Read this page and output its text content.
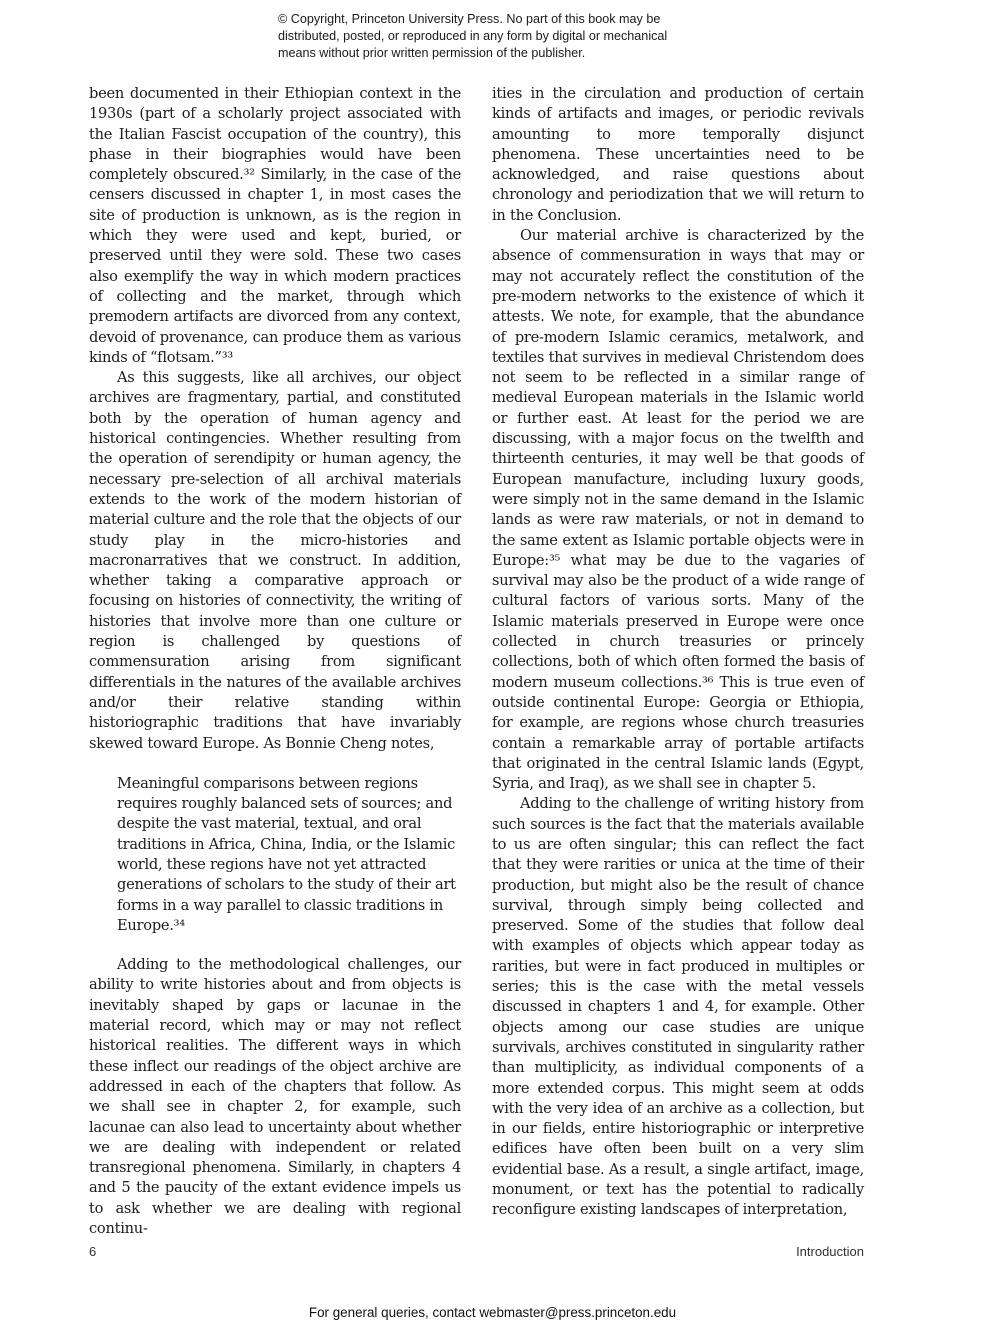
© Copyright, Princeton University Press. No part of this book may be
distributed, posted, or reproduced in any form by digital or mechanical
means without prior written permission of the publisher.

been documented in their Ethiopian context in the 1930s (part of a scholarly project associated with the Italian Fascist occupation of the country), this phase in their biographies would have been completely obscured.³² Similarly, in the case of the censers discussed in chapter 1, in most cases the site of production is unknown, as is the region in which they were used and kept, buried, or preserved until they were sold. These two cases also exemplify the way in which modern practices of collecting and the market, through which premodern artifacts are divorced from any context, devoid of provenance, can produce them as various kinds of “flotsam.”³³

As this suggests, like all archives, our object archives are fragmentary, partial, and constituted both by the operation of human agency and historical contingencies. Whether resulting from the operation of serendipity or human agency, the necessary pre-selection of all archival materials extends to the work of the modern historian of material culture and the role that the objects of our study play in the micro-histories and macronarratives that we construct. In addition, whether taking a comparative approach or focusing on histories of connectivity, the writing of histories that involve more than one culture or region is challenged by questions of commensuration arising from significant differentials in the natures of the available archives and/or their relative standing within historiographic traditions that have invariably skewed toward Europe. As Bonnie Cheng notes,

Meaningful comparisons between regions requires roughly balanced sets of sources; and despite the vast material, textual, and oral traditions in Africa, China, India, or the Islamic world, these regions have not yet attracted generations of scholars to the study of their art forms in a way parallel to classic traditions in Europe.³⁴

Adding to the methodological challenges, our ability to write histories about and from objects is inevitably shaped by gaps or lacunae in the material record, which may or may not reflect historical realities. The different ways in which these inflect our readings of the object archive are addressed in each of the chapters that follow. As we shall see in chapter 2, for example, such lacunae can also lead to uncertainty about whether we are dealing with independent or related transregional phenomena. Similarly, in chapters 4 and 5 the paucity of the extant evidence impels us to ask whether we are dealing with regional continu-

ities in the circulation and production of certain kinds of artifacts and images, or periodic revivals amounting to more temporally disjunct phenomena. These uncertainties need to be acknowledged, and raise questions about chronology and periodization that we will return to in the Conclusion.

Our material archive is characterized by the absence of commensuration in ways that may or may not accurately reflect the constitution of the pre-modern networks to the existence of which it attests. We note, for example, that the abundance of pre-modern Islamic ceramics, metalwork, and textiles that survives in medieval Christendom does not seem to be reflected in a similar range of medieval European materials in the Islamic world or further east. At least for the period we are discussing, with a major focus on the twelfth and thirteenth centuries, it may well be that goods of European manufacture, including luxury goods, were simply not in the same demand in the Islamic lands as were raw materials, or not in demand to the same extent as Islamic portable objects were in Europe:³⁵ what may be due to the vagaries of survival may also be the product of a wide range of cultural factors of various sorts. Many of the Islamic materials preserved in Europe were once collected in church treasuries or princely collections, both of which often formed the basis of modern museum collections.³⁶ This is true even of outside continental Europe: Georgia or Ethiopia, for example, are regions whose church treasuries contain a remarkable array of portable artifacts that originated in the central Islamic lands (Egypt, Syria, and Iraq), as we shall see in chapter 5.

Adding to the challenge of writing history from such sources is the fact that the materials available to us are often singular; this can reflect the fact that they were rarities or unica at the time of their production, but might also be the result of chance survival, through simply being collected and preserved. Some of the studies that follow deal with examples of objects which appear today as rarities, but were in fact produced in multiples or series; this is the case with the metal vessels discussed in chapters 1 and 4, for example. Other objects among our case studies are unique survivals, archives constituted in singularity rather than multiplicity, as individual components of a more extended corpus. This might seem at odds with the very idea of an archive as a collection, but in our fields, entire historiographic or interpretive edifices have often been built on a very slim evidential base. As a result, a single artifact, image, monument, or text has the potential to radically reconfigure existing landscapes of interpretation,

6	Introduction
For general queries, contact webmaster@press.princeton.edu
